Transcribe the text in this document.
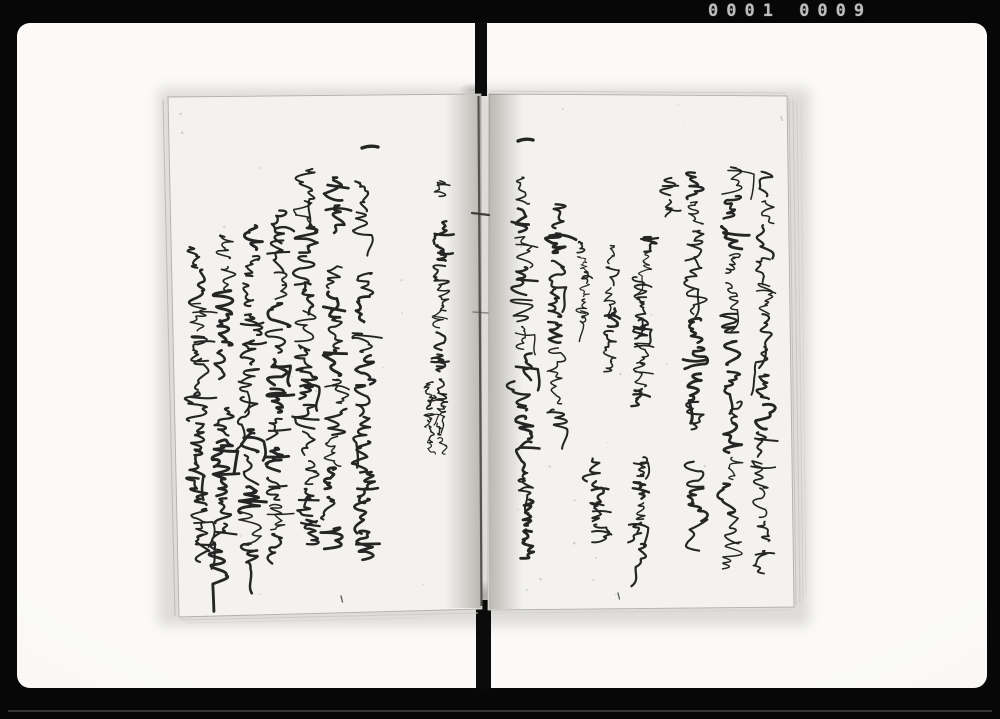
0001 0009
